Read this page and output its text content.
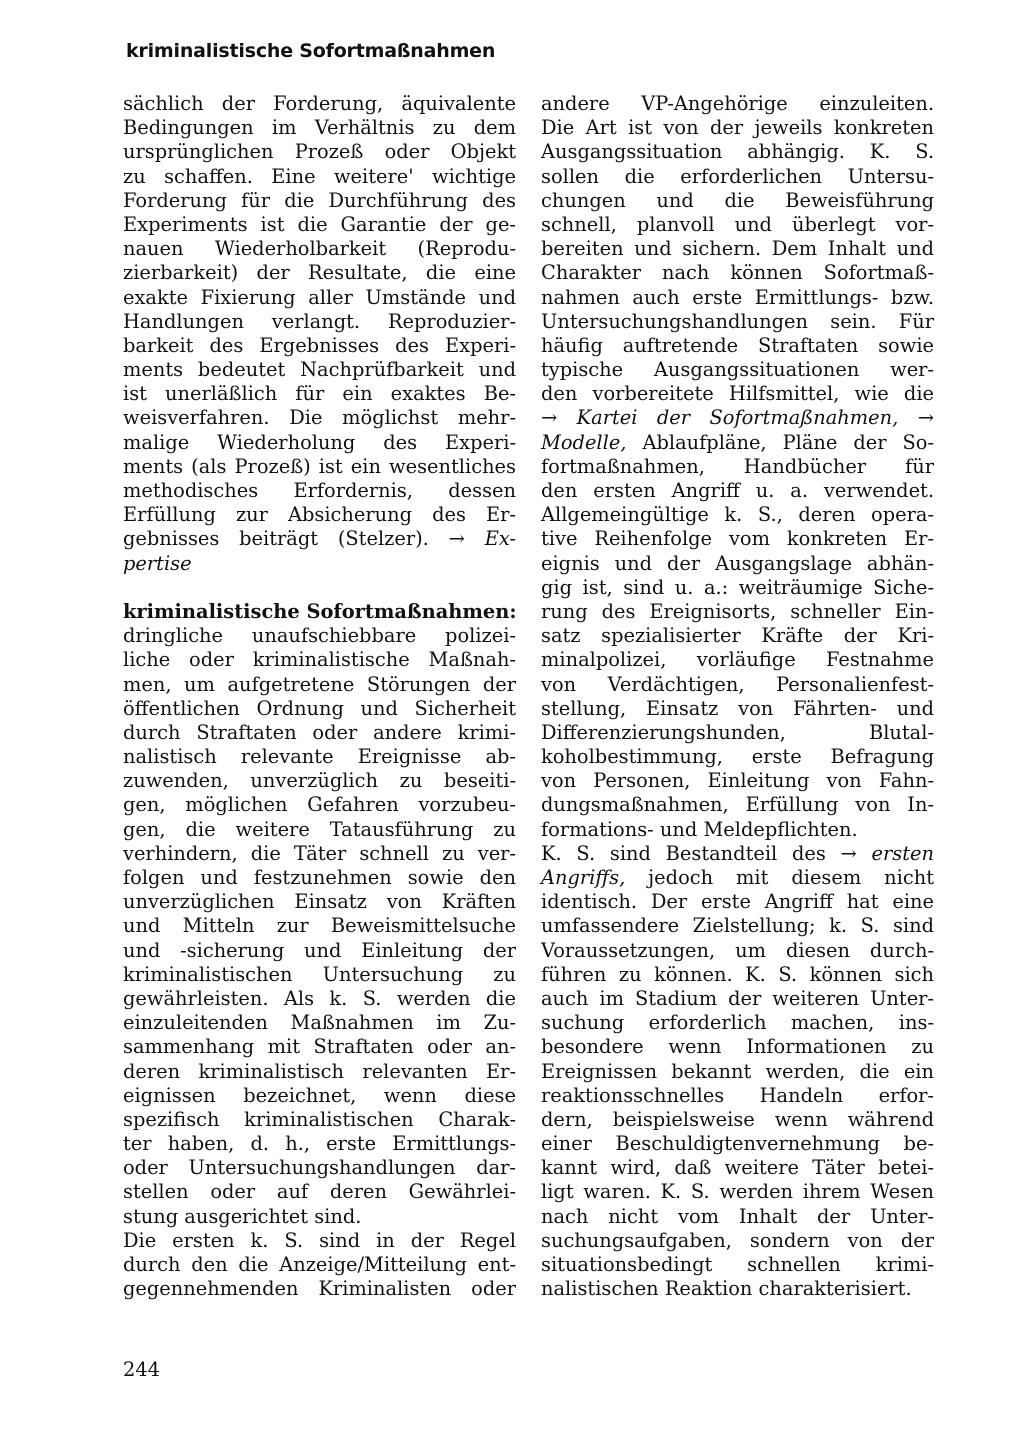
kriminalistische Sofortmaßnahmen
sächlich der Forderung, äquivalente
Bedingungen im Verhältnis zu dem
ursprünglichen Prozeß oder Objekt
zu schaffen. Eine weitere' wichtige
Forderung für die Durchführung des
Experiments ist die Garantie der ge-
nauen Wiederholbarkeit (Reprodu-
zierbarkeit) der Resultate, die eine
exakte Fixierung aller Umstände und
Handlungen verlangt. Reproduzier-
barkeit des Ergebnisses des Experi-
ments bedeutet Nachprüfbarkeit und
ist unerläßlich für ein exaktes Be-
weisverfahren. Die möglichst mehr-
malige Wiederholung des Experi-
ments (als Prozeß) ist ein wesentliches
methodisches Erfordernis, dessen
Erfüllung zur Absicherung des Er-
gebnisses beiträgt (Stelzer). → Ex-
pertise
kriminalistische Sofortmaßnahmen:
dringliche unaufschiebbare polizei-
liche oder kriminalistische Maßnah-
men, um aufgetretene Störungen der
öffentlichen Ordnung und Sicherheit
durch Straftaten oder andere krimi-
nalistisch relevante Ereignisse ab-
zuwenden, unverzüglich zu beseiti-
gen, möglichen Gefahren vorzubeu-
gen, die weitere Tatausführung zu
verhindern, die Täter schnell zu ver-
folgen und festzunehmen sowie den
unverzüglichen Einsatz von Kräften
und Mitteln zur Beweismittelsuche
und -sicherung und Einleitung der
kriminalistischen Untersuchung zu
gewährleisten. Als k. S. werden die
einzuleitenden Maßnahmen im Zu-
sammenhang mit Straftaten oder an-
deren kriminalistisch relevanten Er-
eignissen bezeichnet, wenn diese
spezifisch kriminalistischen Charak-
ter haben, d. h., erste Ermittlungs-
oder Untersuchungshandlungen dar-
stellen oder auf deren Gewährlei-
stung ausgerichtet sind.
Die ersten k. S. sind in der Regel
durch den die Anzeige/Mitteilung ent-
gegennehmenden Kriminalisten oder
andere VP-Angehörige einzuleiten.
Die Art ist von der jeweils konkreten
Ausgangssituation abhängig. K. S.
sollen die erforderlichen Untersu-
chungen und die Beweisführung
schnell, planvoll und überlegt vor-
bereiten und sichern. Dem Inhalt und
Charakter nach können Sofortmaß-
nahmen auch erste Ermittlungs- bzw.
Untersuchungshandlungen sein. Für
häufig auftretende Straftaten sowie
typische Ausgangssituationen wer-
den vorbereitete Hilfsmittel, wie die
→ Kartei der Sofortmaßnahmen, →
Modelle, Ablaufpläne, Pläne der So-
fortmaßnahmen, Handbücher für
den ersten Angriff u. a. verwendet.
Allgemeingültige k. S., deren opera-
tive Reihenfolge vom konkreten Er-
eignis und der Ausgangslage abhän-
gig ist, sind u. a.: weiträumige Siche-
rung des Ereignisorts, schneller Ein-
satz spezialisierter Kräfte der Kri-
minalpolizei, vorläufige Festnahme
von Verdächtigen, Personalienfest-
stellung, Einsatz von Fährten- und
Differenzierungshunden, Blutal-
koholbestimmung, erste Befragung
von Personen, Einleitung von Fahn-
dungsmaßnahmen, Erfüllung von In-
formations- und Meldepflichten.
K. S. sind Bestandteil des → ersten
Angriffs, jedoch mit diesem nicht
identisch. Der erste Angriff hat eine
umfassendere Zielstellung; k. S. sind
Voraussetzungen, um diesen durch-
führen zu können. K. S. können sich
auch im Stadium der weiteren Unter-
suchung erforderlich machen, ins-
besondere wenn Informationen zu
Ereignissen bekannt werden, die ein
reaktionsschnelles Handeln erfor-
dern, beispielsweise wenn während
einer Beschuldigtenvernehmung be-
kannt wird, daß weitere Täter betei-
ligt waren. K. S. werden ihrem Wesen
nach nicht vom Inhalt der Unter-
suchungsaufgaben, sondern von der
situationsbedingt schnellen krimi-
nalistischen Reaktion charakterisiert.
244
